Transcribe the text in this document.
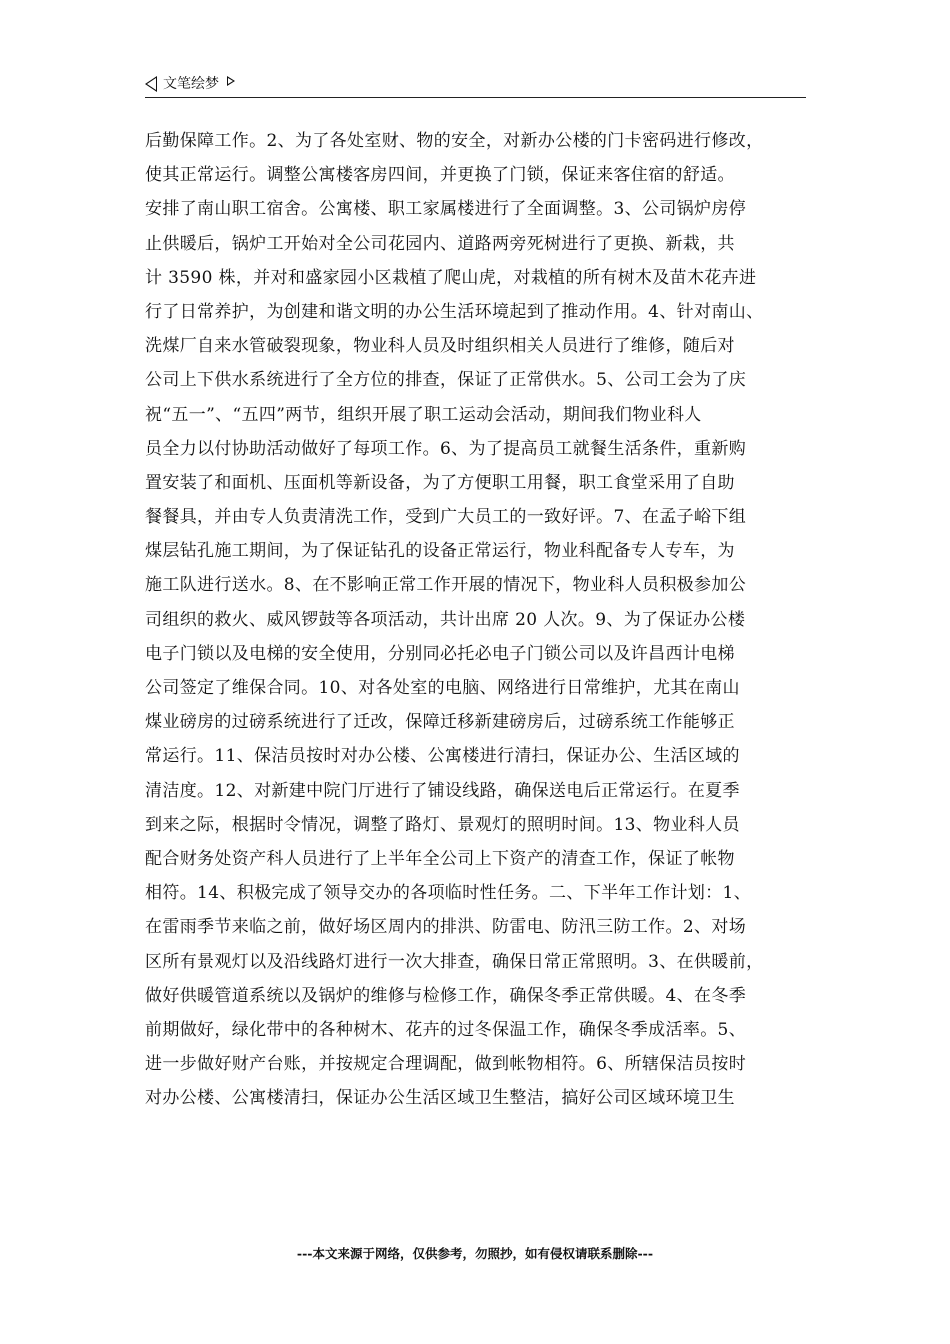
文笔绘梦
后勤保障工作。2、为了各处室财、物的安全，对新办公楼的门卡密码进行修改，
使其正常运行。调整公寓楼客房四间，并更换了门锁，保证来客住宿的舒适。
安排了南山职工宿舍。公寓楼、职工家属楼进行了全面调整。3、公司锅炉房停
止供暖后，锅炉工开始对全公司花园内、道路两旁死树进行了更换、新栽，共
计 3590 株，并对和盛家园小区栽植了爬山虎，对栽植的所有树木及苗木花卉进
行了日常养护，为创建和谐文明的办公生活环境起到了推动作用。4、针对南山、
洗煤厂自来水管破裂现象，物业科人员及时组织相关人员进行了维修，随后对
公司上下供水系统进行了全方位的排查，保证了正常供水。5、公司工会为了庆
祝“五一”、“五四”两节，组织开展了职工运动会活动，期间我们物业科人
员全力以付协助活动做好了每项工作。6、为了提高员工就餐生活条件，重新购
置安装了和面机、压面机等新设备，为了方便职工用餐，职工食堂采用了自助
餐餐具，并由专人负责清洗工作，受到广大员工的一致好评。7、在孟子峪下组
煤层钻孔施工期间，为了保证钻孔的设备正常运行，物业科配备专人专车，为
施工队进行送水。8、在不影响正常工作开展的情况下，物业科人员积极参加公
司组织的救火、威风锣鼓等各项活动，共计出席 20 人次。9、为了保证办公楼
电子门锁以及电梯的安全使用，分别同必托必电子门锁公司以及许昌西计电梯
公司签定了维保合同。10、对各处室的电脑、网络进行日常维护，尤其在南山
煤业磅房的过磅系统进行了迁改，保障迁移新建磅房后，过磅系统工作能够正
常运行。11、保洁员按时对办公楼、公寓楼进行清扫，保证办公、生活区域的
清洁度。12、对新建中院门厅进行了铺设线路，确保送电后正常运行。在夏季
到来之际，根据时令情况，调整了路灯、景观灯的照明时间。13、物业科人员
配合财务处资产科人员进行了上半年全公司上下资产的清查工作，保证了帐物
相符。14、积极完成了领导交办的各项临时性任务。二、下半年工作计划：1、
在雷雨季节来临之前，做好场区周内的排洪、防雷电、防汛三防工作。2、对场
区所有景观灯以及沿线路灯进行一次大排查，确保日常正常照明。3、在供暖前，
做好供暖管道系统以及锅炉的维修与检修工作，确保冬季正常供暖。4、在冬季
前期做好，绿化带中的各种树木、花卉的过冬保温工作，确保冬季成活率。5、
进一步做好财产台账，并按规定合理调配，做到帐物相符。6、所辖保洁员按时
对办公楼、公寓楼清扫，保证办公生活区域卫生整洁，搞好公司区域环境卫生
---本文来源于网络，仅供参考，勿照抄，如有侵权请联系删除---
